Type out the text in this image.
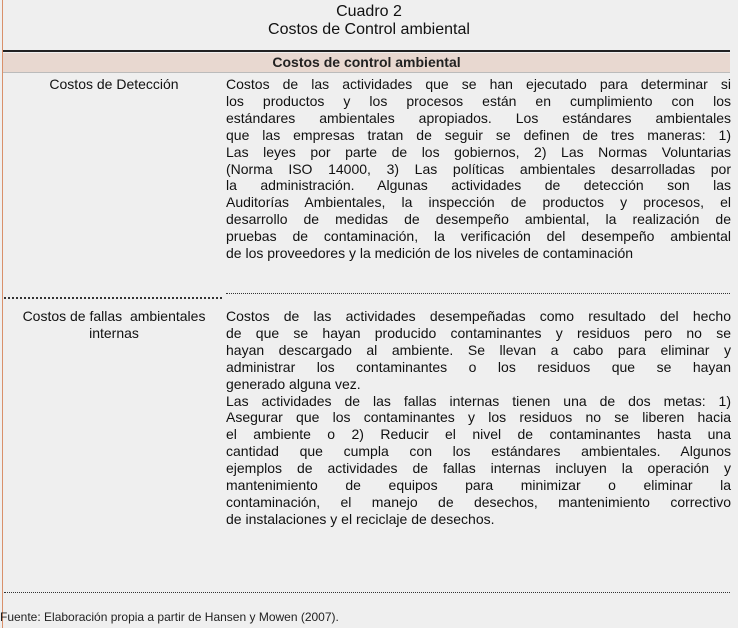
Cuadro 2
Costos de Control ambiental
Costos de control ambiental
Costos de Detección	Costos de las actividades que se han ejecutado para determinar si
los productos y los procesos están en cumplimiento con los
estándares ambientales apropiados. Los estándares ambientales
que las empresas tratan de seguir se definen de tres maneras: 1)
Las leyes por parte de los gobiernos, 2) Las Normas Voluntarias
(Norma ISO 14000, 3) Las políticas ambientales desarrolladas por
la administración. Algunas actividades de detección son las
Auditorías Ambientales, la inspección de productos y procesos, el
desarrollo de medidas de desempeño ambiental, la realización de
pruebas de contaminación, la verificación del desempeño ambiental
de los proveedores y la medición de los niveles de contaminación
Costos de fallas  ambientales
internas
Costos de las actividades desempeñadas como resultado del hecho
de que se hayan producido contaminantes y residuos pero no se
hayan descargado al ambiente. Se llevan a cabo para eliminar y
administrar los contaminantes o los residuos que se hayan
generado alguna vez.
Las actividades de las fallas internas tienen una de dos metas: 1)
Asegurar que los contaminantes y los residuos no se liberen hacia
el ambiente o 2) Reducir el nivel de contaminantes hasta una
cantidad que cumpla con los estándares ambientales. Algunos
ejemplos de actividades de fallas internas incluyen la operación y
mantenimiento de equipos para minimizar o eliminar la
contaminación, el manejo de desechos, mantenimiento correctivo
de instalaciones y el reciclaje de desechos.
Fuente: Elaboración propia a partir de Hansen y Mowen (2007).
